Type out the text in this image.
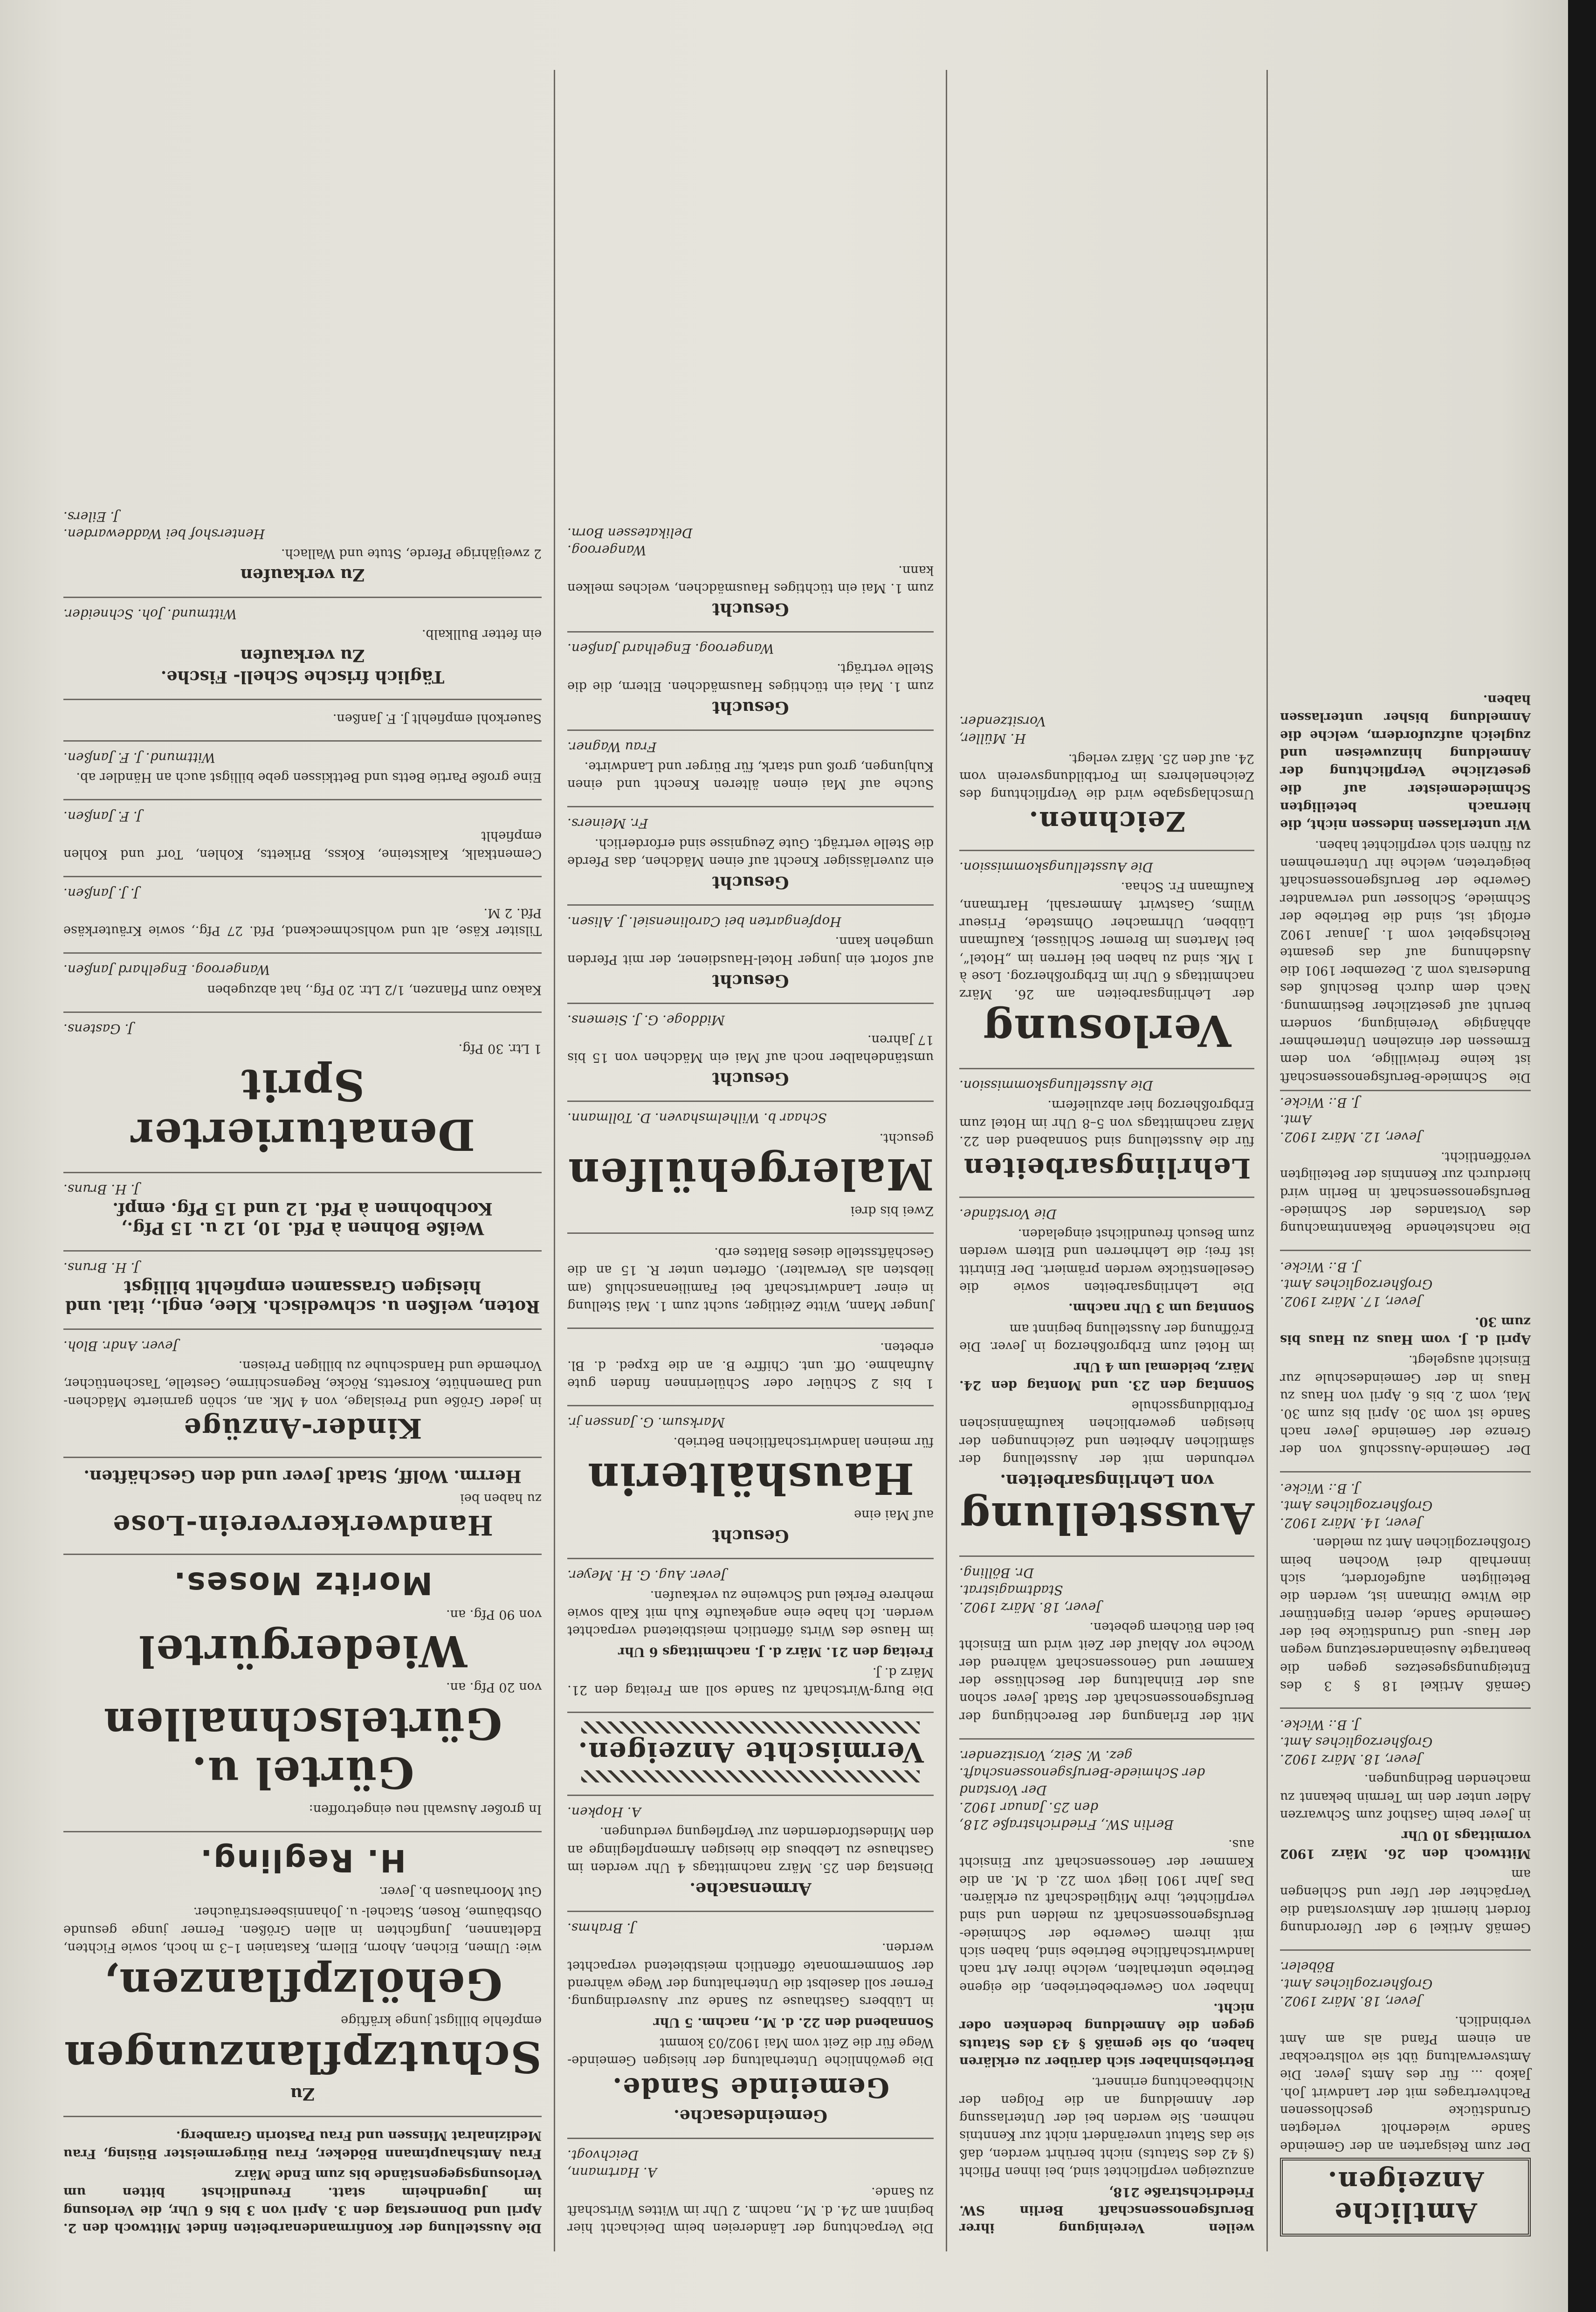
Amtliche Anzeigen.
Der zum Reisgarten an der Gemeinde Sande wiederholt verlegten Grundstücke geschlossenen Pachtvertrages mit der Landwirt Joh. Jakob ... für des Amts Jever. Die Amtsverwaltung übt sie vollstreckbar an einem Pfand als am Amt verbindlich.
Jever, 18. März 1902.
Großherzogliches Amt.
Böbeler.
Gemäß Artikel 9 der Uferordnung fordert hiermit der Amtsvorstand die Verpächter der Ufer und Schlengen am
Mittwoch den 26. März 1902 vormittags 10 Uhr
in Jever beim Gasthof zum Schwarzen Adler unter den im Termin bekannt zu machenden Bedingungen.
Jever, 18. März 1902.
Großherzogliches Amt.
J. B.: Wicke.
Gemäß Artikel 18 § 3 des Enteignungsgesetzes gegen die beantragte Auseinandersetzung wegen der Haus- und Grundstücke bei der Gemeinde Sande, deren Eigentümer die Witwe Ditmann ist, werden die Beteiligten aufgefordert, sich innerhalb drei Wochen beim Großherzoglichen Amt zu melden.
Jever, 14. März 1902.
Großherzogliches Amt.
J. B.: Wicke.
Der Gemeinde-Ausschuß von der Grenze der Gemeinde Jever nach Sande ist vom 30. April bis zum 30. Mai, vom 2. bis 6. April von Haus zu Haus in der Gemeindeschule zur Einsicht ausgelegt.
April d. J. vom Haus zu Haus bis zum 30.
Jever, 17. März 1902.
Großherzogliches Amt.
J. B.: Wicke.
Die nachstehende Bekanntmachung des Vorstandes der Schmiede-Berufsgenossenschaft in Berlin wird hierdurch zur Kenntnis der Beteiligten veröffentlicht.
Jever, 12. März 1902.
Amt.
J. B.: Wicke.
Die Schmiede-Berufsgenossenschaft ist keine freiwillige, von dem Ermessen der einzelnen Unternehmer abhängige Vereinigung, sondern beruht auf gesetzlicher Bestimmung. Nach dem durch Beschluß des Bundesrats vom 2. Dezember 1901 die Ausdehnung auf das gesamte Reichsgebiet vom 1. Januar 1902 erfolgt ist, sind die Betriebe der Schmiede, Schlosser und verwandter Gewerbe der Berufsgenossenschaft beigetreten, welche ihr Unternehmen zu führen sich verpflichtet haben.
Wir unterlassen indessen nicht, die hiernach beteiligten Schmiedemeister auf die gesetzliche Verpflichtung der Anmeldung hinzuweisen und zugleich aufzufordern, welche die Anmeldung bisher unterlassen haben.
weilen Vereinigung ihrer Berufsgenossenschaft Berlin SW. Friedrichstraße 218,
anzuzeigen verpflichtet sind, bei ihnen Pflicht (§ 42 des Statuts) nicht berührt werden, daß sie das Statut unverändert nicht zur Kenntnis nehmen. Sie werden bei der Unterlassung der Anmeldung an die Folgen der Nichtbeachtung erinnert.
Betriebsinhaber sich darüber zu erklären haben, ob sie gemäß § 43 des Statuts gegen die Anmeldung bedenken oder nicht.
Inhaber von Gewerbebetrieben, die eigene Betriebe unterhalten, welche ihrer Art nach landwirtschaftliche Betriebe sind, haben sich mit ihrem Gewerbe der Schmiede-Berufsgenossenschaft zu melden und sind verpflichtet, ihre Mitgliedschaft zu erklären. Das Jahr 1901 liegt vom 22. d. M. an die Kammer der Genossenschaft zur Einsicht aus.
Berlin SW., Friedrichstraße 218,
den 25. Januar 1902.
Der Vorstand
der Schmiede-Berufsgenossenschaft.
gez. W. Seiz, Vorsitzender.
Mit der Erlangung der Berechtigung der Berufsgenossenschaft der Stadt Jever schon aus der Einhaltung der Beschlüsse der Kammer und Genossenschaft während der Woche vor Ablauf der Zeit wird um Einsicht bei den Büchern gebeten.
Jever, 18. März 1902.
Stadtmagistrat.
Dr. Bölling.
Ausstellung
von Lehrlingsarbeiten.
verbunden mit der Ausstellung der sämtlichen Arbeiten und Zeichnungen der hiesigen gewerblichen kaufmännischen Fortbildungsschule
Sonntag den 23. und Montag den 24. März, beidemal um 4 Uhr
im Hotel zum Erbgroßherzog in Jever. Die Eröffnung der Ausstellung beginnt am
Sonntag um 3 Uhr nachm.
Die Lehrlingsarbeiten sowie die Gesellenstücke werden prämiert. Der Eintritt ist frei; die Lehrherren und Eltern werden zum Besuch freundlichst eingeladen.
Die Vorstände.
Lehrlingsarbeiten
für die Ausstellung sind Sonnabend den 22. März nachmittags von 5–8 Uhr im Hotel zum Erbgroßherzog hier abzuliefern.
Die Ausstellungskommission.
Verlosung
der Lehrlingsarbeiten am 26. März nachmittags 6 Uhr im Erbgroßherzog. Lose à 1 Mk. sind zu haben bei Herren im „Hotel“, bei Martens im Bremer Schlüssel, Kaufmann Lübben, Uhrmacher Ohmstede, Friseur Wilms, Gastwirt Ammersahl, Hartmann, Kaufmann Fr. Schaa.
Die Ausstellungskommission.
Zeichnen.
Umschlagsgabe wird die Verpflichtung des Zeichenlehrers im Fortbildungsverein vom 24. auf den 25. März verlegt.
H. Müller,
Vorsitzender.
Die Verpachtung der Ländereien beim Deichacht hier beginnt am 24. d. M., nachm. 2 Uhr im Wittes Wirtschaft zu Sande.
A. Hartmann,
Deichvogt.
Gemeindesache.
Gemeinde Sande.
Die gewöhnliche Unterhaltung der hiesigen Gemeinde-Wege für die Zeit vom Mai 1902/03 kommt
Sonnabend den 22. d. M., nachm. 5 Uhr
in Lübbers Gasthause zu Sande zur Ausverdingung. Ferner soll daselbst die Unterhaltung der Wege während der Sommermonate öffentlich meistbietend verpachtet werden.
J. Brahms.
Armensache.
Dienstag den 25. März nachmittags 4 Uhr werden im Gasthause zu Lebbeus die hiesigen Armenpfleglinge an den Mindestfordernden zur Verpflegung verdungen.
A. Hopken.
Vermischte Anzeigen.
Die Burg-Wirtschaft zu Sande soll am Freitag den 21. März d. J.
Freitag den 21. März d. J. nachmittags 6 Uhr
im Hause des Wirts öffentlich meistbietend verpachtet werden. Ich habe eine angekaufte Kuh mit Kalb sowie mehrere Ferkel und Schweine zu verkaufen.
Jever. Aug. G. H. Meyer.
Gesucht
auf Mai eine
Haushälterin
für meinen landwirtschaftlichen Betrieb.
Marksum. G. Janssen jr.
1 bis 2 Schüler oder Schülerinnen finden gute Aufnahme. Off. unt. Chiffre B. an die Exped. d. Bl. erbeten.
Junger Mann, Witte Zeitliger, sucht zum 1. Mai Stellung in einer Landwirtschaft bei Familienanschluß (am liebsten als Verwalter). Offerten unter R. 15 an die Geschäftsstelle dieses Blattes erb.
Zwei bis drei
Malergehülfen
gesucht.
Schaar b. Wilhelmshaven. D. Tollmann.
Gesucht
umständehalber noch auf Mai ein Mädchen von 15 bis 17 Jahren.
Middoge. G. J. Siemens.
Gesucht
auf sofort ein junger Hotel-Hausdiener, der mit Pferden umgehen kann.
Hopfengarten bei Carolinensiel. J. Alisen.
Gesucht
ein zuverlässiger Knecht auf einen Mädchen, das Pferde die Stelle verträgt. Gute Zeugnisse sind erforderlich.
Fr. Meiners.
Suche auf Mai einen älteren Knecht und einen Kuhjungen, groß und stark, für Bürger und Landwirte.
Frau Wagner.
Gesucht
zum 1. Mai ein tüchtiges Hausmädchen. Eltern, die die Stelle verträgt.
Wangeroog. Engelhard Janßen.
Gesucht
zum 1. Mai ein tüchtiges Hausmädchen, welches melken kann.
Wangeroog.
Delikatessen Born.
Die Ausstellung der Konfirmandenarbeiten findet Mittwoch den 2. April und Donnerstag den 3. April von 3 bis 6 Uhr, die Verlosung im Jugendheim statt. Freundlichst bitten um Verlosungsgegenstände bis zum Ende März
Frau Amtshauptmann Bödeker, Frau Bürgermeister Büsing, Frau Medizinalrat Minssen und Frau Pastorin Gramberg.
Zu
Schutzpflanzungen
empfehle billigst junge kräftige
Gehölzpflanzen,
wie: Ulmen, Eichen, Ahorn, Ellern, Kastanien 1–3 m hoch, sowie Fichten, Edeltannen, Jungfichten in allen Größen. Ferner junge gesunde Obstbäume, Rosen, Stachel- u. Johannisbeersträucher.
Gut Moorhausen b. Jever.
H. Regling.
In großer Auswahl neu eingetroffen:
Gürtel u. Gürtelschnallen
von 20 Pfg. an.
Wiedergürtel
von 90 Pfg. an.
Moritz Moses.
Handwerkerverein-Lose
zu haben bei
Herrm. Wolff, Stadt Jever und den Geschäften.
Kinder-Anzüge
in jeder Größe und Preislage, von 4 Mk. an, schön garnierte Mädchen- und Damenhüte, Korsetts, Röcke, Regenschirme, Gestelle, Taschentücher, Vorhemde und Handschuhe zu billigen Preisen.
Jever. Andr. Bloh.
Roten, weißen u. schwedisch. Klee, engl., ital. und hiesigen Grassamen empfiehlt billigst
J. H. Bruns.
Weiße Bohnen à Pfd. 10, 12 u. 15 Pfg., Kochbohnen à Pfd. 12 und 15 Pfg. empf.
J. H. Bruns.
Denaturierter Sprit
1 Ltr. 30 Pfg.
J. Gastens.
Kakao zum Pflanzen, 1/2 Ltr. 20 Pfg., hat abzugeben
Wangeroog. Engelhard Janßen.
Tilsiter Käse, alt und wohlschmeckend, Pfd. 27 Pfg., sowie Kräuterkäse Pfd. 2 M.
J. J. Janßen.
Cementkalk, Kalksteine, Kokss, Briketts, Kohlen, Torf und Kohlen empfiehlt
J. F. Janßen.
Eine große Partie Betts und Bettkissen gebe billigst auch an Händler ab.
Wittmund. J. F. Janßen.
Sauerkohl empfiehlt J. F. Janßen.
Täglich frische Schell- Fische.
Zu verkaufen
ein fetter Bullkalb.
Wittmund. Joh. Schneider.
Zu verkaufen
2 zweijährige Pferde, Stute und Wallach.
Hentershof bei Waddewarden.
J. Eilers.
